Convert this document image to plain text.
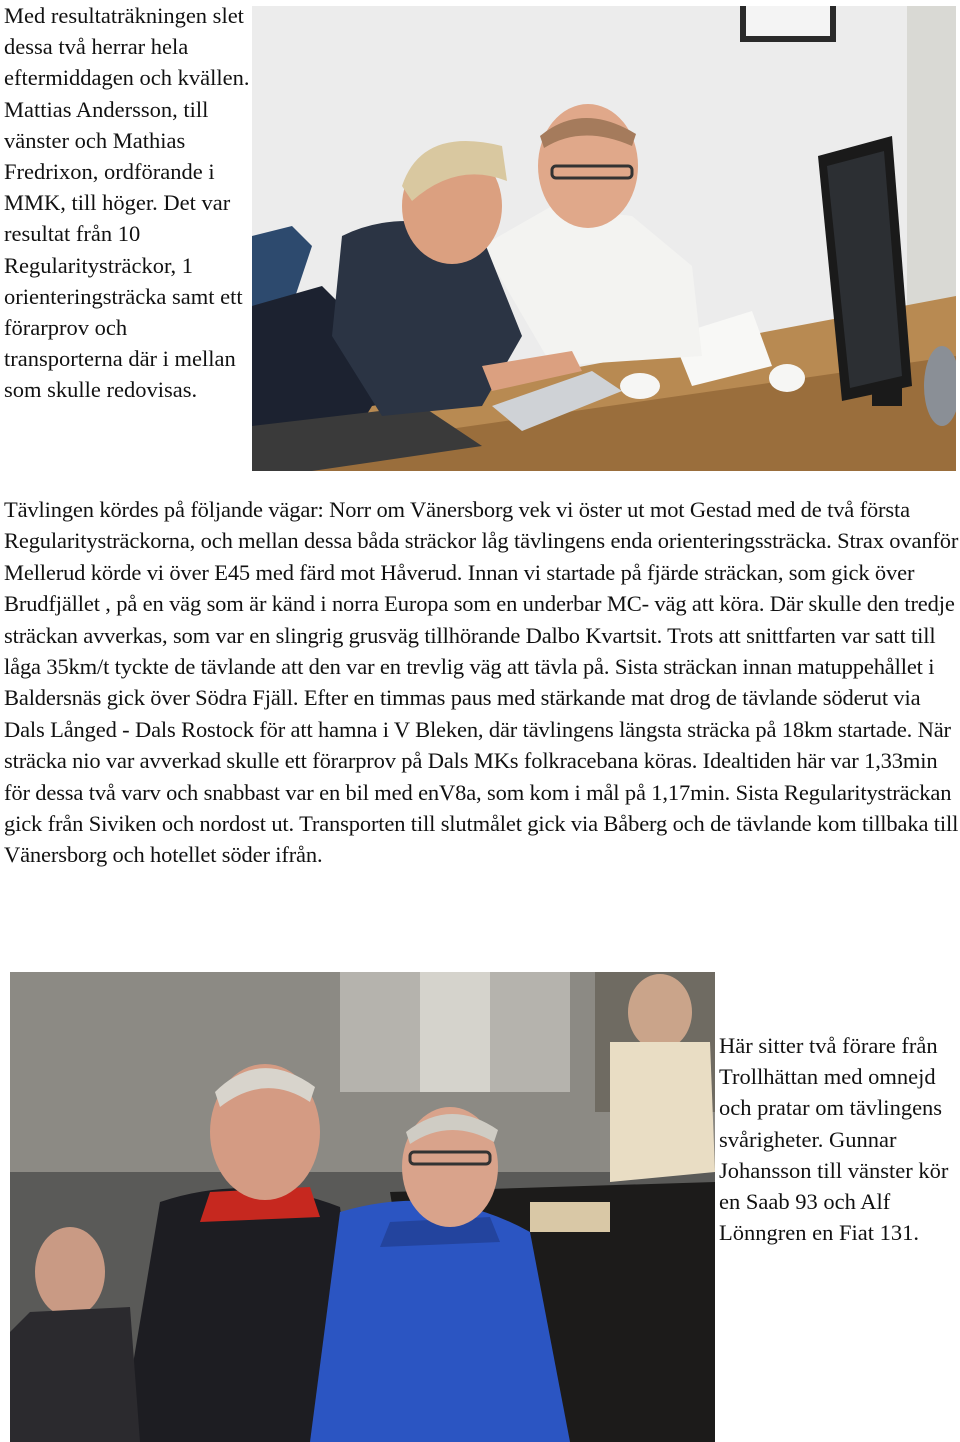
Med resultaträkningen slet dessa två herrar hela eftermiddagen och kvällen. Mattias Andersson, till vänster och Mathias Fredrixon, ordförande i MMK, till höger. Det var resultat från 10 Regularitysträckor, 1 orienteringsträcka samt ett förarprov och transporterna där i mellan som skulle redovisas.

Tävlingen kördes på följande vägar: Norr om Vänersborg vek vi öster ut mot Gestad med de två första Regularitysträckorna, och mellan dessa båda sträckor låg tävlingens enda orienteringssträcka. Strax ovanför Mellerud körde vi över E45 med färd mot Håverud. Innan vi startade på fjärde sträckan, som gick över Brudfjället , på en väg som är känd i norra Europa som en underbar MC- väg att köra. Där skulle den tredje sträckan avverkas, som var en slingrig grusväg tillhörande Dalbo Kvartsit. Trots att snittfarten var satt till låga 35km/t tyckte de tävlande att den var en trevlig väg att tävla på. Sista sträckan innan matuppehållet i Baldersnäs gick över Södra Fjäll. Efter en timmas paus med stärkande mat drog de tävlande söderut via Dals Långed - Dals Rostock för att hamna i V Bleken, där tävlingens längsta sträcka på 18km startade. När sträcka nio var avverkad skulle ett förarprov på Dals MKs folkracebana köras. Idealtiden här var 1,33min för dessa två varv och snabbast var en bil med enV8a, som kom i mål på 1,17min. Sista Regularitysträckan gick från Siviken och nordost ut. Transporten till slutmålet gick via Båberg och de tävlande kom tillbaka till Vänersborg och hotellet söder ifrån.

Här sitter två förare från Trollhättan med omnejd och pratar om tävlingens svårigheter. Gunnar Johansson till vänster kör en Saab 93 och Alf Lönngren en Fiat 131.
